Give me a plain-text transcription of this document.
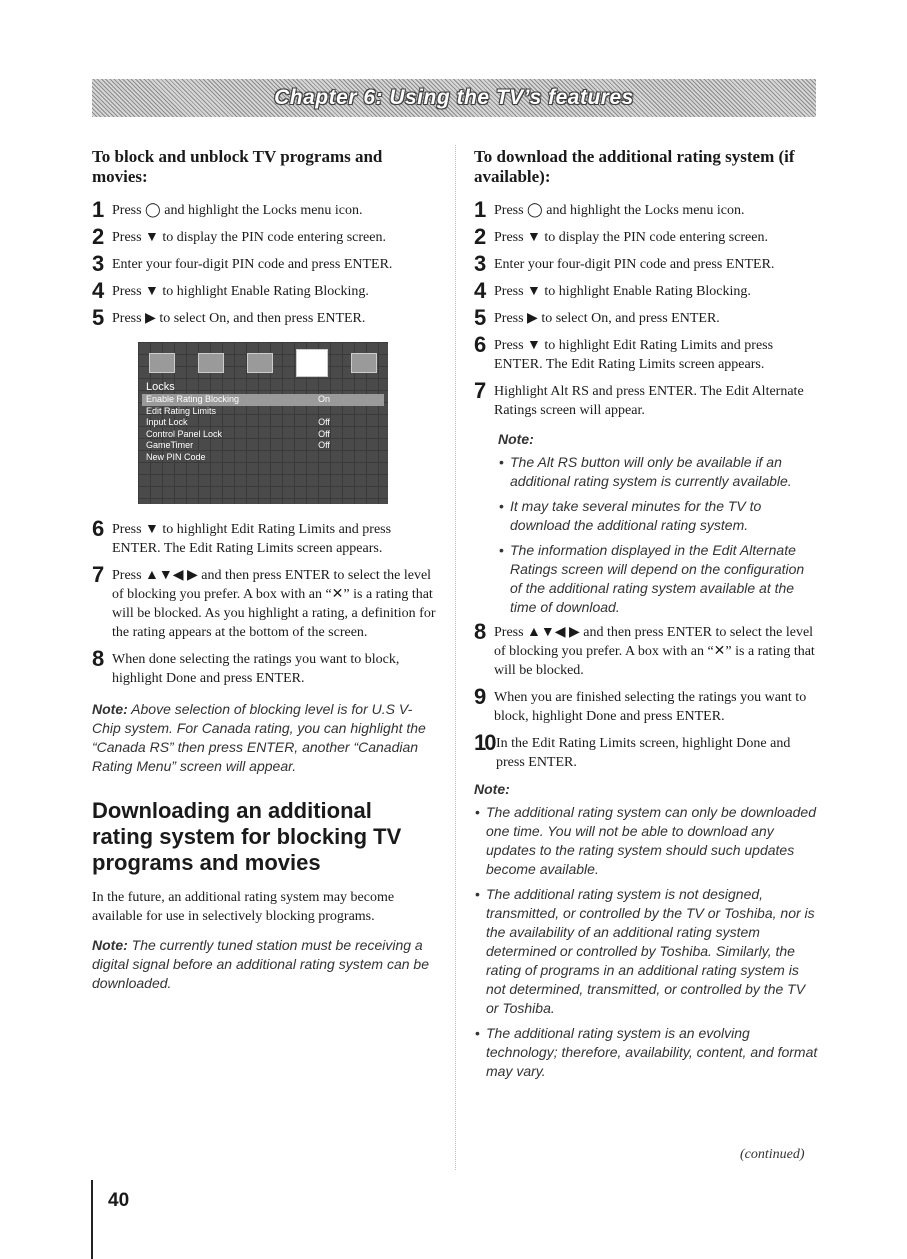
Chapter 6: Using the TV’s features
To block and unblock TV programs and movies:
1 Press ◯ and highlight the Locks menu icon.
2 Press ▼ to display the PIN code entering screen.
3 Enter your four-digit PIN code and press ENTER.
4 Press ▼ to highlight Enable Rating Blocking.
5 Press ▶ to select On, and then press ENTER.
Locks
Enable Rating Blocking	On
Edit Rating Limits
Input Lock	Off
Control Panel Lock	Off
GameTimer	Off
New PIN Code
6 Press ▼ to highlight Edit Rating Limits and press ENTER. The Edit Rating Limits screen appears.
7 Press ▲▼◀ ▶ and then press ENTER to select the level of blocking you prefer. A box with an “✕” is a rating that will be blocked. As you highlight a rating, a definition for the rating appears at the bottom of the screen.
8 When done selecting the ratings you want to block, highlight Done and press ENTER.
Note: Above selection of blocking level is for U.S V-Chip system. For Canada rating, you can highlight the “Canada RS” then press ENTER, another “Canadian Rating Menu” screen will appear.
Downloading an additional rating system for blocking TV programs and movies

In the future, an additional rating system may become available for use in selectively blocking programs.

Note: The currently tuned station must be receiving a digital signal before an additional rating system can be downloaded.
To download the additional rating system (if available):
1 Press ◯ and highlight the Locks menu icon.
2 Press ▼ to display the PIN code entering screen.
3 Enter your four-digit PIN code and press ENTER.
4 Press ▼ to highlight Enable Rating Blocking.
5 Press ▶ to select On, and press ENTER.
6 Press ▼ to highlight Edit Rating Limits and press ENTER. The Edit Rating Limits screen appears.
7 Highlight Alt RS and press ENTER. The Edit Alternate Ratings screen will appear.
Note:
• The Alt RS button will only be available if an additional rating system is currently available.
• It may take several minutes for the TV to download the additional rating system.
• The information displayed in the Edit Alternate Ratings screen will depend on the configuration of the additional rating system available at the time of download.
8 Press ▲▼◀ ▶ and then press ENTER to select the level of blocking you prefer. A box with an “✕” is a rating that will be blocked.
9 When you are finished selecting the ratings you want to block, highlight Done and press ENTER.
10 In the Edit Rating Limits screen, highlight Done and press ENTER.
Note:
• The additional rating system can only be downloaded one time. You will not be able to download any updates to the rating system should such updates become available.
• The additional rating system is not designed, transmitted, or controlled by the TV or Toshiba, nor is the availability of an additional rating system determined or controlled by Toshiba. Similarly, the rating of programs in an additional rating system is not determined, transmitted, or controlled by the TV or Toshiba.
• The additional rating system is an evolving technology; therefore, availability, content, and format may vary.
(continued)
40
